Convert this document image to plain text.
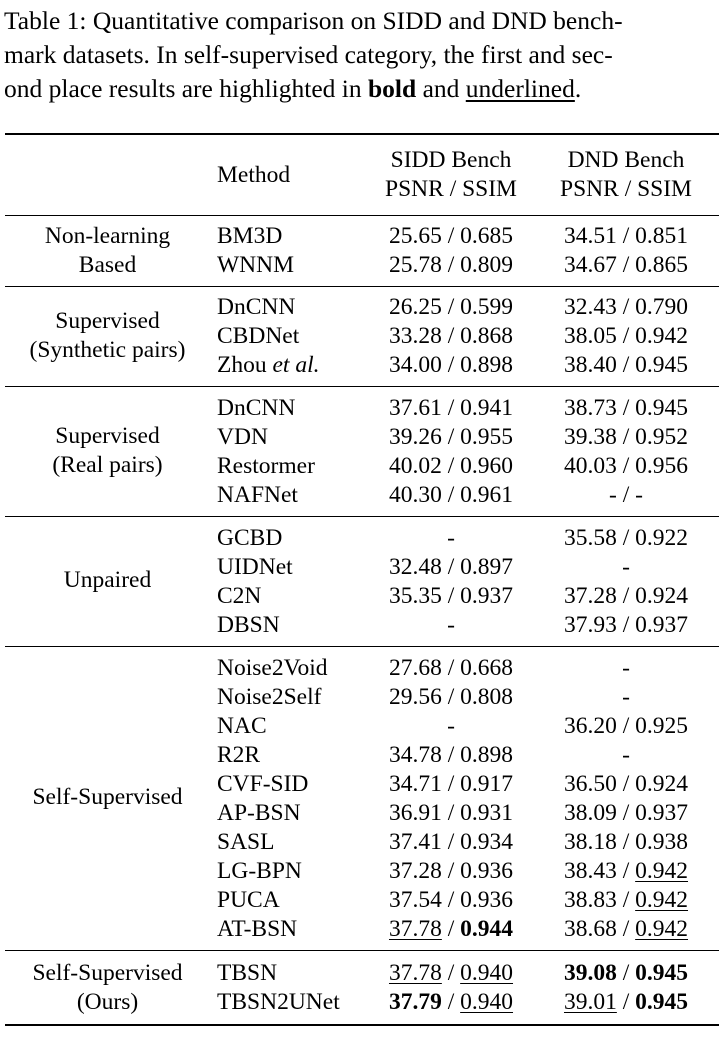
Table 1: Quantitative comparison on SIDD and DND bench-
mark datasets. In self-supervised category, the first and sec-
ond place results are highlighted in bold and underlined.
Method
SIDD Bench
PSNR / SSIM
DND Bench
PSNR / SSIM
Non-learning
Based
BM3D	25.65 / 0.685	34.51 / 0.851
WNNM	25.78 / 0.809	34.67 / 0.865
Supervised
(Synthetic pairs)
DnCNN	26.25 / 0.599	32.43 / 0.790
CBDNet	33.28 / 0.868	38.05 / 0.942
Zhou et al.	34.00 / 0.898	38.40 / 0.945
Supervised
(Real pairs)
DnCNN	37.61 / 0.941	38.73 / 0.945
VDN	39.26 / 0.955	39.38 / 0.952
Restormer	40.02 / 0.960	40.03 / 0.956
NAFNet	40.30 / 0.961	- / -
Unpaired
GCBD	-	35.58 / 0.922
UIDNet	32.48 / 0.897	-
C2N	35.35 / 0.937	37.28 / 0.924
DBSN	-	37.93 / 0.937
Self-Supervised
Noise2Void	27.68 / 0.668	-
Noise2Self	29.56 / 0.808	-
NAC	-	36.20 / 0.925
R2R	34.78 / 0.898	-
CVF-SID	34.71 / 0.917	36.50 / 0.924
AP-BSN	36.91 / 0.931	38.09 / 0.937
SASL	37.41 / 0.934	38.18 / 0.938
LG-BPN	37.28 / 0.936	38.43 / 0.942
PUCA	37.54 / 0.936	38.83 / 0.942
AT-BSN	37.78 / 0.944	38.68 / 0.942
Self-Supervised
(Ours)
TBSN	37.78 / 0.940	39.08 / 0.945
TBSN2UNet	37.79 / 0.940	39.01 / 0.945
